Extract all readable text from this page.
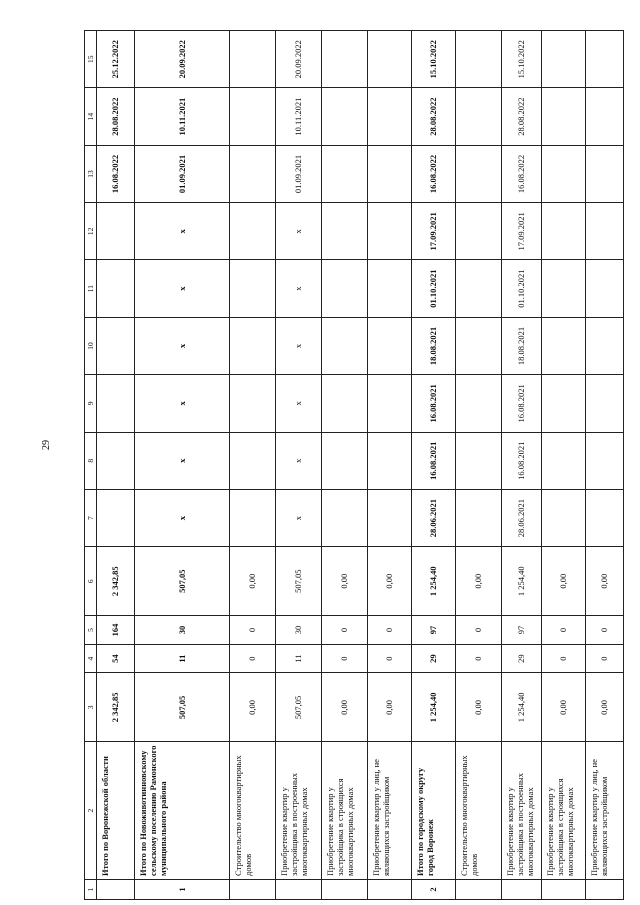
29
1	2	3	4	5	6	7	8	9	10	11	12	13	14	15
	Итого по Воронежской области	2 342,85	54	164	2 342,85							16.08.2022	28.08.2022	25.12.2022
1	Итого по Новоживотинновскому сельскому поселению Рамонского муниципального района	507,05	11	30	507,05	x	x	x	x	x	x	01.09.2021	10.11.2021	20.09.2022
	Строительство многоквартирных домов	0,00	0	0	0,00									
	Приобретение квартир у застройщика в построенных многоквартирных домах	507,05	11	30	507,05	x	x	x	x	x	x	01.09.2021	10.11.2021	20.09.2022
	Приобретение квартир у застройщика в строящихся многоквартирных домах	0,00	0	0	0,00									
	Приобретение квартир у лиц, не являющихся застройщиком	0,00	0	0	0,00									
2	Итого по городскому округу город Воронеж	1 254,40	29	97	1 254,40	28.06.2021	16.08.2021	16.08.2021	18.08.2021	01.10.2021	17.09.2021	16.08.2022	28.08.2022	15.10.2022
	Строительство многоквартирных домов	0,00	0	0	0,00									
	Приобретение квартир у застройщика в построенных многоквартирных домах	1 254,40	29	97	1 254,40	28.06.2021	16.08.2021	16.08.2021	18.08.2021	01.10.2021	17.09.2021	16.08.2022	28.08.2022	15.10.2022
	Приобретение квартир у застройщика в строящихся многоквартирных домах	0,00	0	0	0,00									
	Приобретение квартир у лиц, не являющихся застройщиком	0,00	0	0	0,00									
